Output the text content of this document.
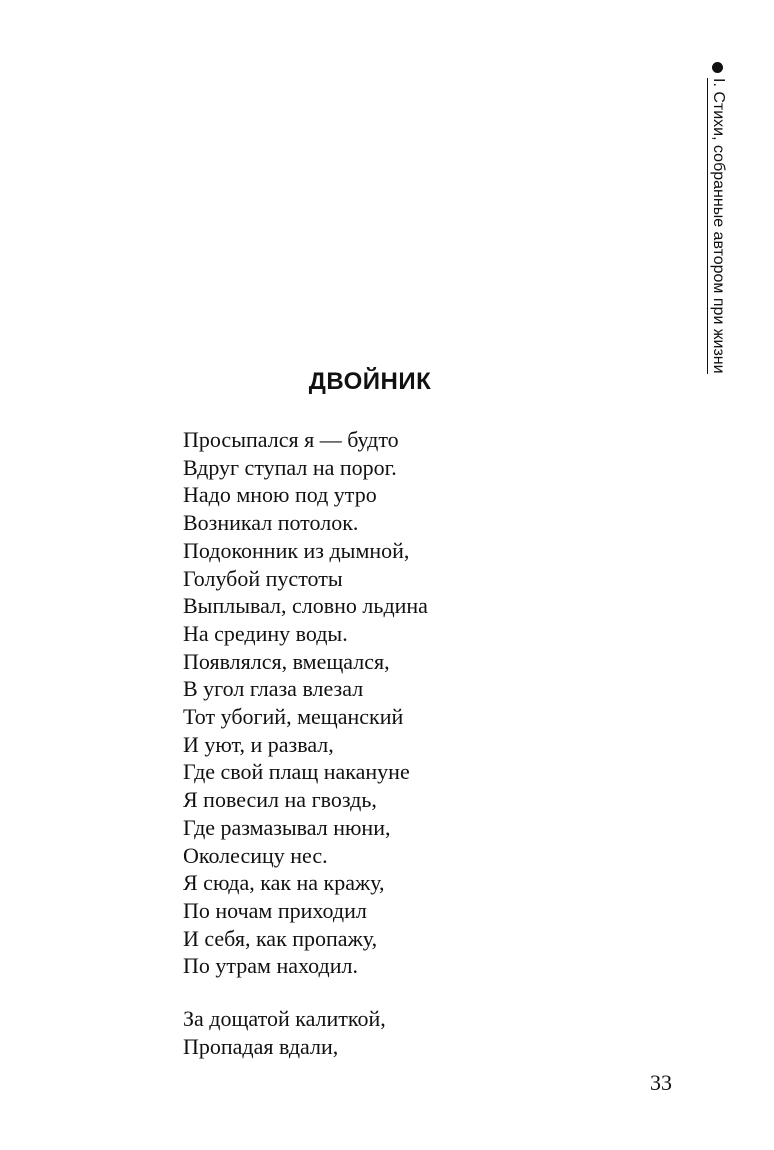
I. Стихи, собранные автором при жизни
ДВОЙНИК
Просыпался я — будто
Вдруг ступал на порог.
Надо мною под утро
Возникал потолок.
Подоконник из дымной,
Голубой пустоты
Выплывал, словно льдина
На средину воды.
Появлялся, вмещался,
В угол глаза влезал
Тот убогий, мещанский
И уют, и развал,
Где свой плащ накануне
Я повесил на гвоздь,
Где размазывал нюни,
Околесицу нес.
Я сюда, как на кражу,
По ночам приходил
И себя, как пропажу,
По утрам находил.
За дощатой калиткой,
Пропадая вдали,
33
